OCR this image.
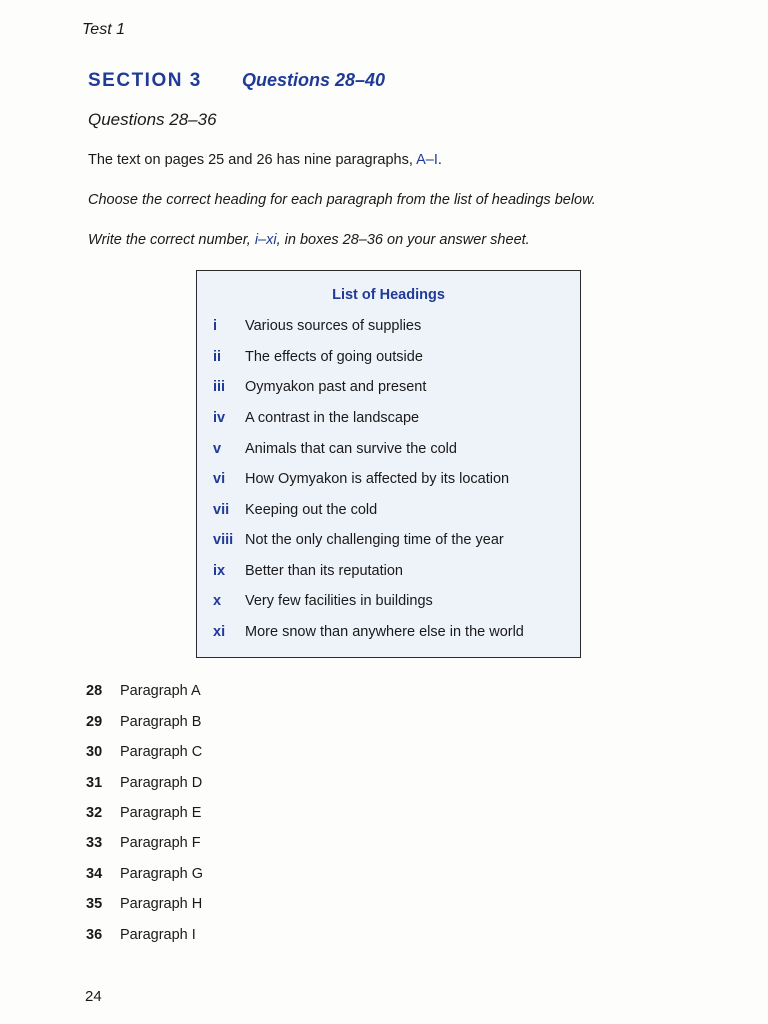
Test 1
SECTION 3 Questions 28–40
Questions 28–36
The text on pages 25 and 26 has nine paragraphs, A–I.
Choose the correct heading for each paragraph from the list of headings below.
Write the correct number, i–xi, in boxes 28–36 on your answer sheet.
List of Headings
i	Various sources of supplies
ii	The effects of going outside
iii	Oymyakon past and present
iv	A contrast in the landscape
v	Animals that can survive the cold
vi	How Oymyakon is affected by its location
vii	Keeping out the cold
viii Not the only challenging time of the year
ix	Better than its reputation
x	Very few facilities in buildings
xi	More snow than anywhere else in the world
28 Paragraph A
29 Paragraph B
30 Paragraph C
31 Paragraph D
32 Paragraph E
33 Paragraph F
34 Paragraph G
35 Paragraph H
36 Paragraph I
24
